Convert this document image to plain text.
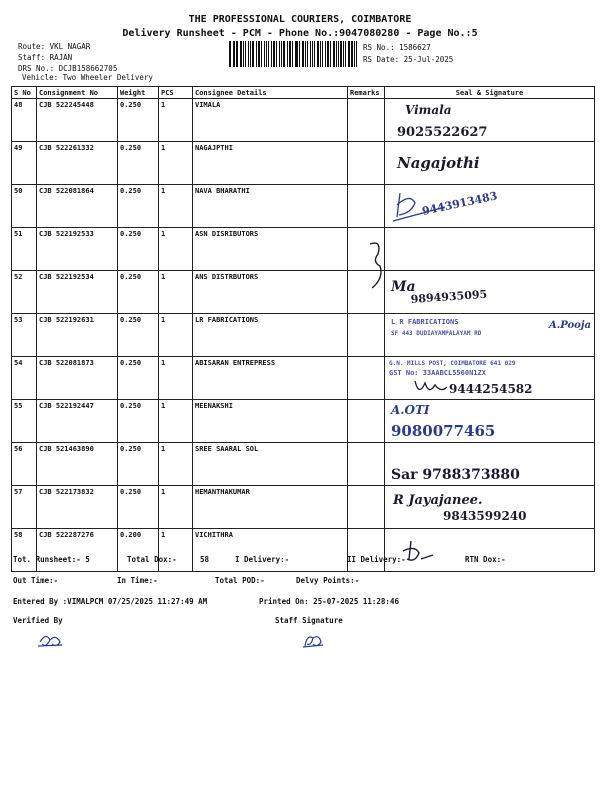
THE PROFESSIONAL COURIERS, COIMBATORE
Delivery Runsheet - PCM - Phone No.:9047080280 - Page No.:5
Route: VKL NAGAR
Staff: RAJAN
DRS No.: DCJB158662705
Vehicle: Two Wheeler Delivery
RS No.: 1586627
RS Date: 25-Jul-2025
S No	Consignment No	Weight	PCS	Consignee Details	Remarks	Seal & Signature
48	CJB 522245448	0.250	1	VIMALA		Vimala
9025522627

49	CJB 522261332	0.250	1	NAGAJPTHI		Nagajothi

50	CJB 522081864	0.250	1	NAVA BHARATHI		9443913483

51	CJB 522192533	0.250	1	ASN DISRIBUTORS		
52	CJB 522192534	0.250	1	ANS DISTRBUTORS		Ma
9894935095

53	CJB 522192631	0.250	1	LR FABRICATIONS		L R FABRICATIONS
SF 443 DUDIAYAMPALAYAM RD
A.Pooja

54	CJB 522081873	0.250	1	ABISARAN ENTREPRESS		G.N. MILLS POST, COIMBATORE 641 029
GST No: 33AABCL5560N1ZX
9444254582

55	CJB 522192447	0.250	1	MEENAKSHI		A.OTI
9080077465

56	CJB 521463890	0.250	1	SREE SAARAL SOL		Sar 9788373880

57	CJB 522173832	0.250	1	HEMANTHAKUMAR		R Jayajanee.
9843599240

58	CJB 522287276	0.200	1	VICHITHRA		
Tot. Runsheet:- 5	Total Dox:-	58	I Delivery:-	II Delivery:-	RTN Dox:-
Out Time:-	In Time:-	Total POD:-	Delvy Points:-
Entered By :VIMALPCM 07/25/2025 11:27:49 AM	Printed On: 25-07-2025 11:28:46
Verified By	Staff Signature
